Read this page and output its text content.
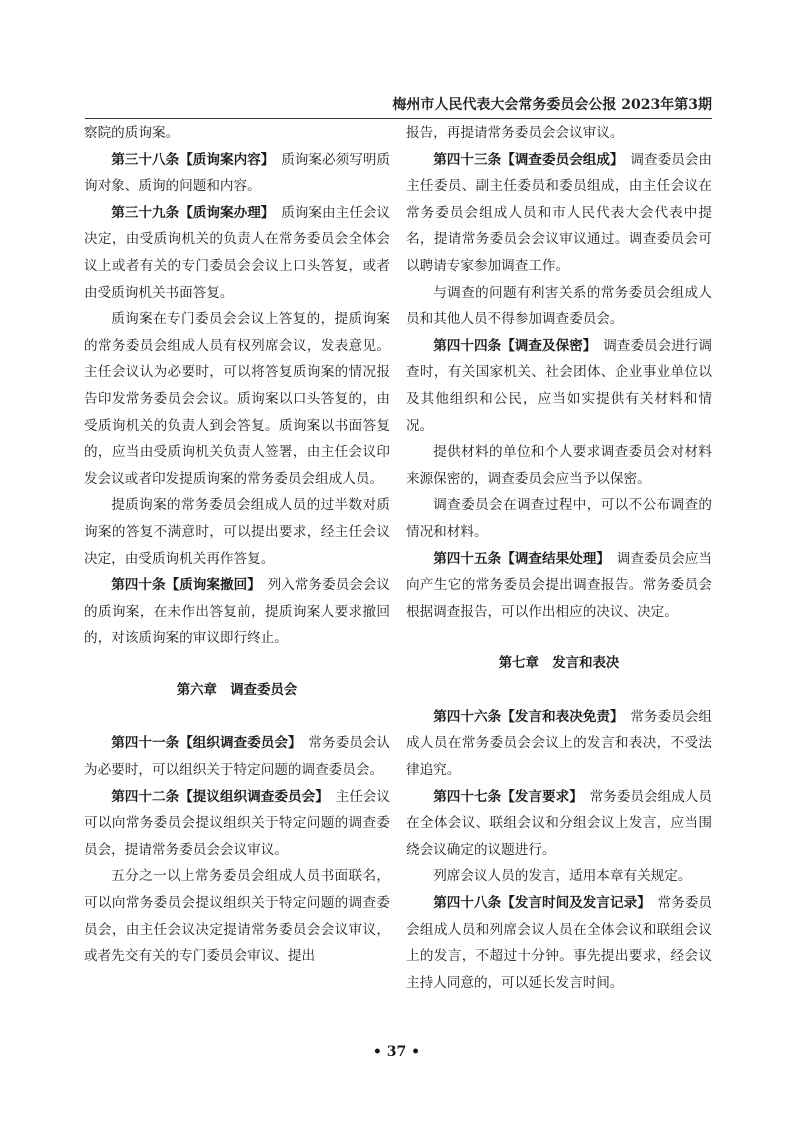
梅州市人民代表大会常务委员会公报 2023年第3期

察院的质询案。

第三十八条【质询案内容】　质询案必须写明质询对象、质询的问题和内容。

第三十九条【质询案办理】　质询案由主任会议决定，由受质询机关的负责人在常务委员会全体会议上或者有关的专门委员会会议上口头答复，或者由受质询机关书面答复。

质询案在专门委员会会议上答复的，提质询案的常务委员会组成人员有权列席会议，发表意见。主任会议认为必要时，可以将答复质询案的情况报告印发常务委员会会议。质询案以口头答复的，由受质询机关的负责人到会答复。质询案以书面答复的，应当由受质询机关负责人签署，由主任会议印发会议或者印发提质询案的常务委员会组成人员。

提质询案的常务委员会组成人员的过半数对质询案的答复不满意时，可以提出要求，经主任会议决定，由受质询机关再作答复。

第四十条【质询案撤回】　列入常务委员会会议的质询案，在未作出答复前，提质询案人要求撤回的，对该质询案的审议即行终止。

第六章　调查委员会

第四十一条【组织调查委员会】　常务委员会认为必要时，可以组织关于特定问题的调查委员会。

第四十二条【提议组织调查委员会】　主任会议可以向常务委员会提议组织关于特定问题的调查委员会，提请常务委员会会议审议。

五分之一以上常务委员会组成人员书面联名，可以向常务委员会提议组织关于特定问题的调查委员会，由主任会议决定提请常务委员会会议审议，或者先交有关的专门委员会审议、提出

报告，再提请常务委员会会议审议。

第四十三条【调查委员会组成】　调查委员会由主任委员、副主任委员和委员组成，由主任会议在常务委员会组成人员和市人民代表大会代表中提名，提请常务委员会会议审议通过。调查委员会可以聘请专家参加调查工作。

与调查的问题有利害关系的常务委员会组成人员和其他人员不得参加调查委员会。

第四十四条【调查及保密】　调查委员会进行调查时，有关国家机关、社会团体、企业事业单位以及其他组织和公民，应当如实提供有关材料和情况。

提供材料的单位和个人要求调查委员会对材料来源保密的，调查委员会应当予以保密。

调查委员会在调查过程中，可以不公布调查的情况和材料。

第四十五条【调查结果处理】　调查委员会应当向产生它的常务委员会提出调查报告。常务委员会根据调查报告，可以作出相应的决议、决定。

第七章　发言和表决

第四十六条【发言和表决免责】　常务委员会组成人员在常务委员会会议上的发言和表决，不受法律追究。

第四十七条【发言要求】　常务委员会组成人员在全体会议、联组会议和分组会议上发言，应当围绕会议确定的议题进行。

列席会议人员的发言，适用本章有关规定。

第四十八条【发言时间及发言记录】　常务委员会组成人员和列席会议人员在全体会议和联组会议上的发言，不超过十分钟。事先提出要求，经会议主持人同意的，可以延长发言时间。

• 37 •
